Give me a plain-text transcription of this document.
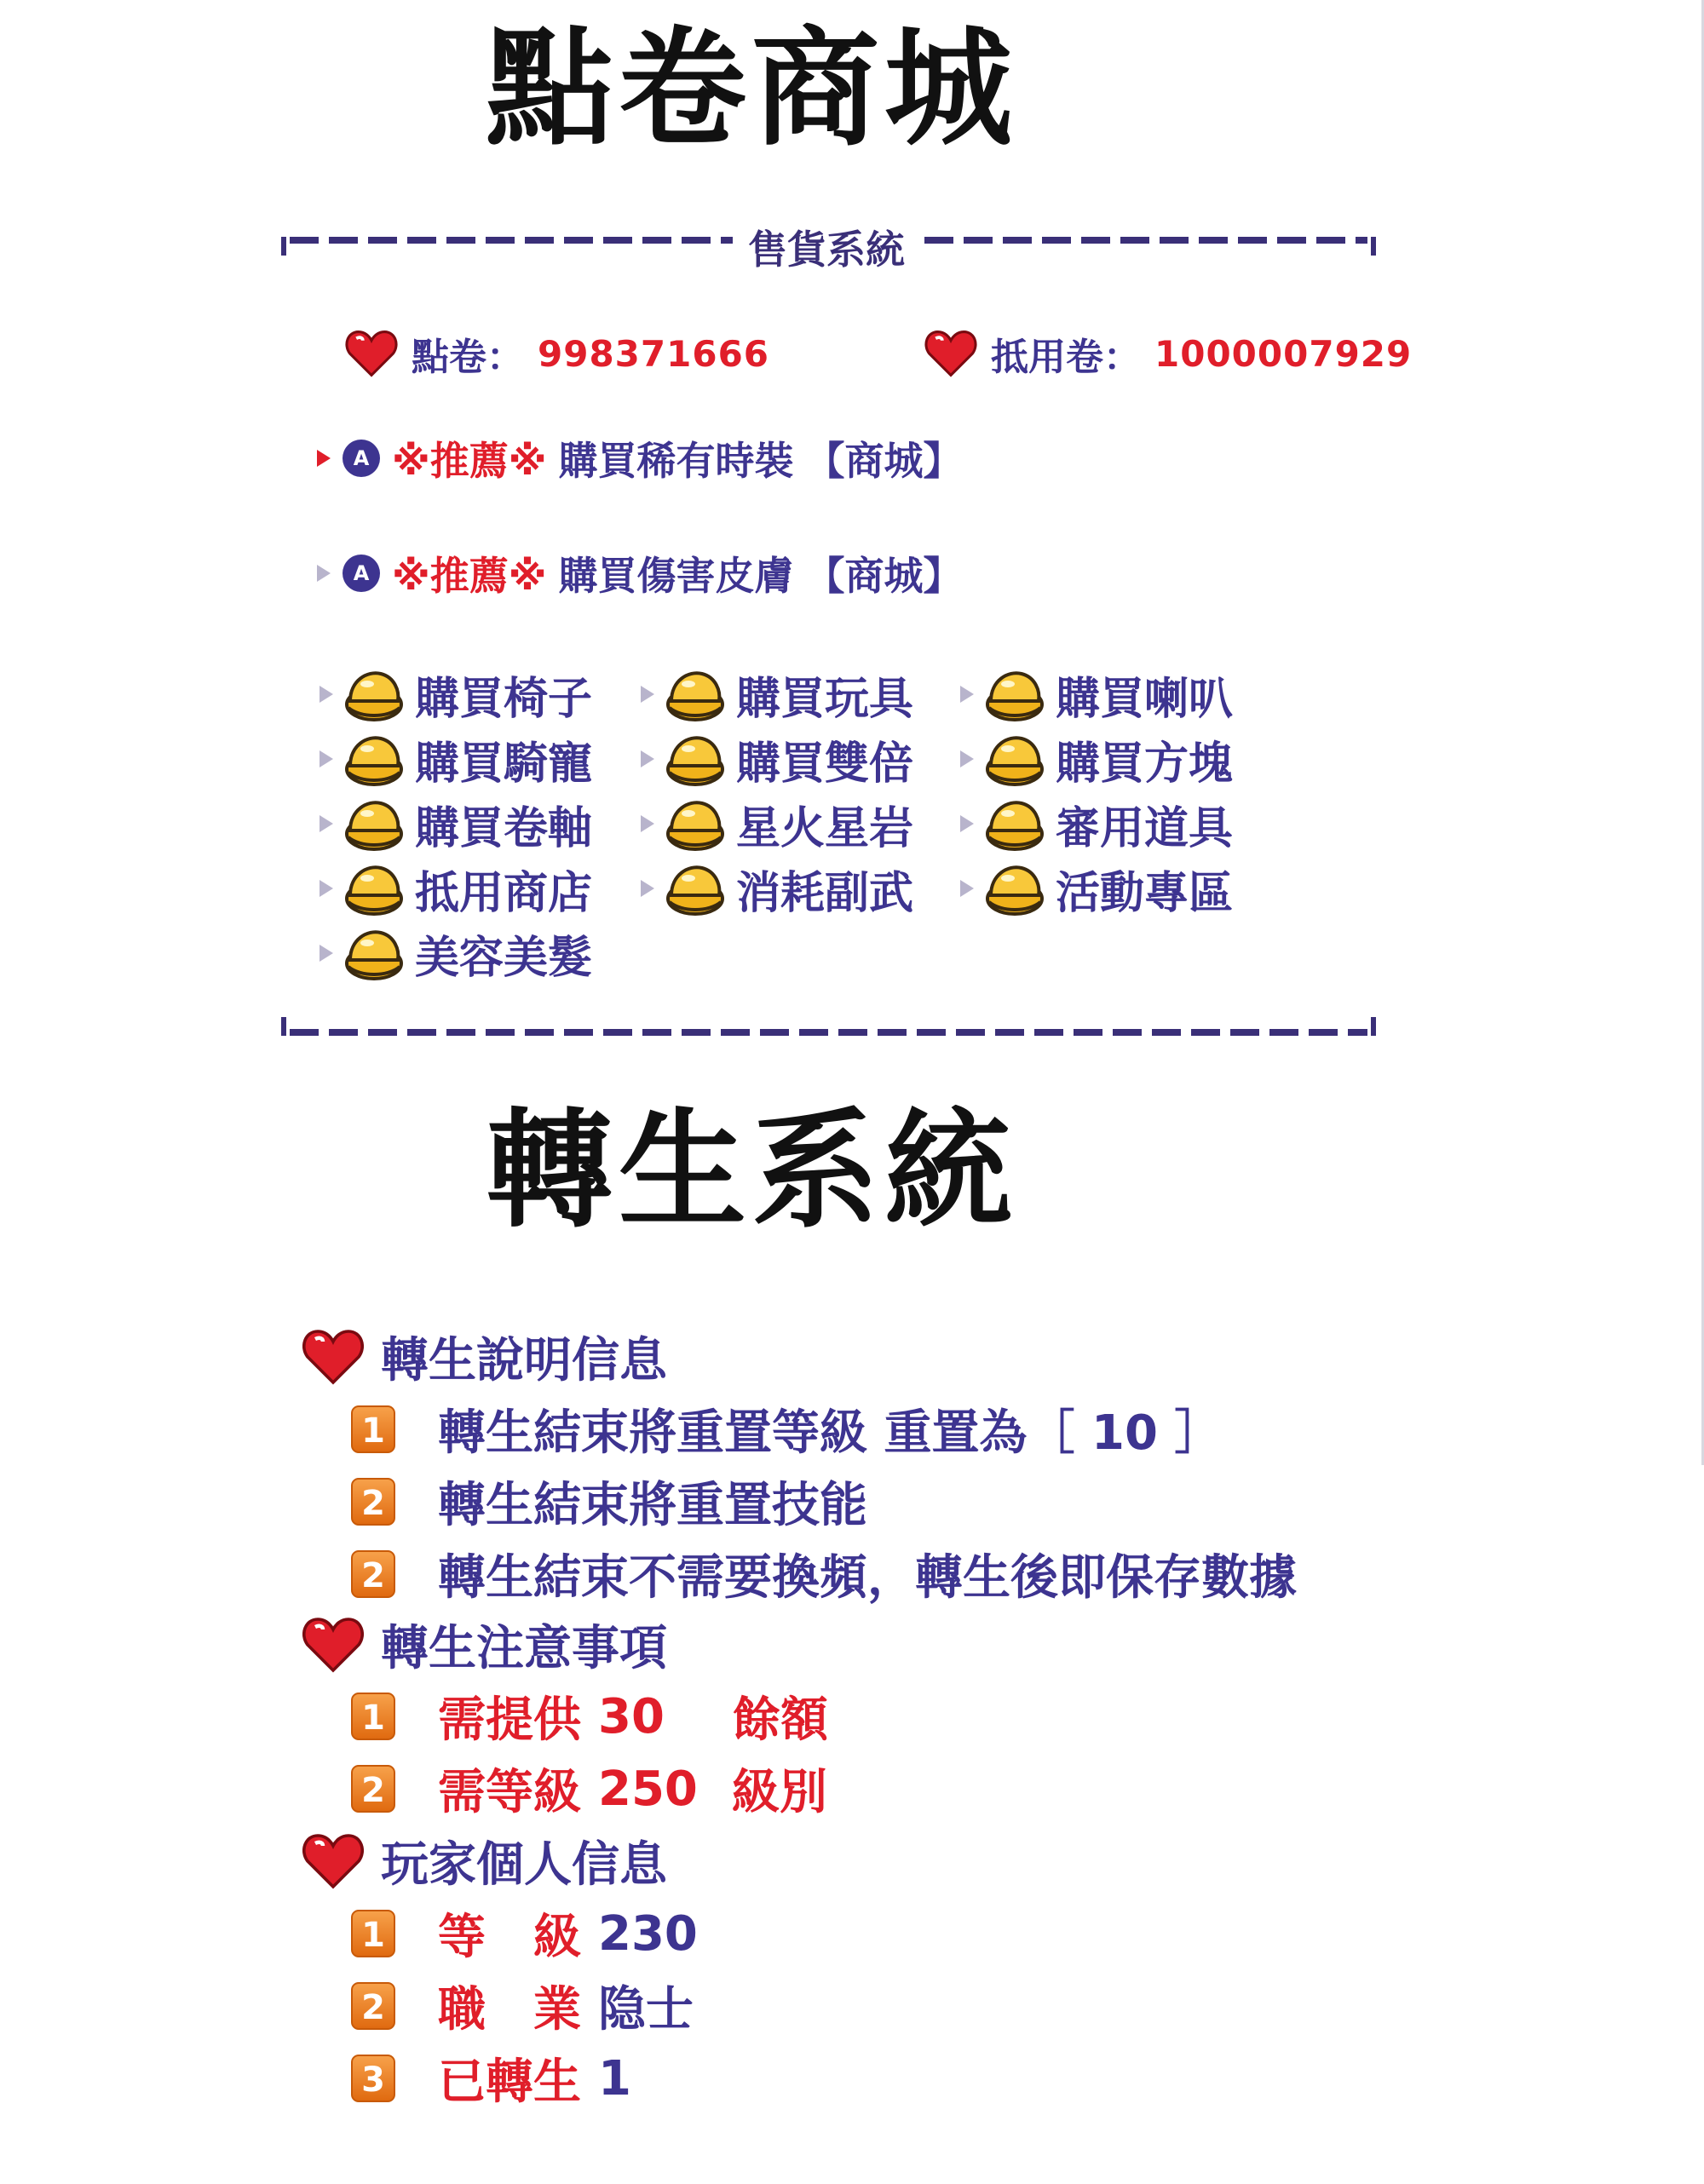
點卷商城
售貨系統
點卷： 998371666	抵用卷： 1000007929
A ※推薦※ 購買稀有時裝 【商城】
A ※推薦※ 購買傷害皮膚 【商城】
購買椅子	購買玩具	購買喇叭
購買騎寵	購買雙倍	購買方塊
購買卷軸	星火星岩	審用道具
抵用商店	消耗副武	活動專區
美容美髮
轉生系統
轉生說明信息
1 轉生結束將重置等級 重置為［ 10 ］
2 轉生結束將重置技能
2 轉生結束不需要換頻，轉生後即保存數據
轉生注意事項
1 需提供 30 餘額
2 需等級 250 級別
玩家個人信息
1 等　級 230
2 職　業 隐士
3 已轉生 1
